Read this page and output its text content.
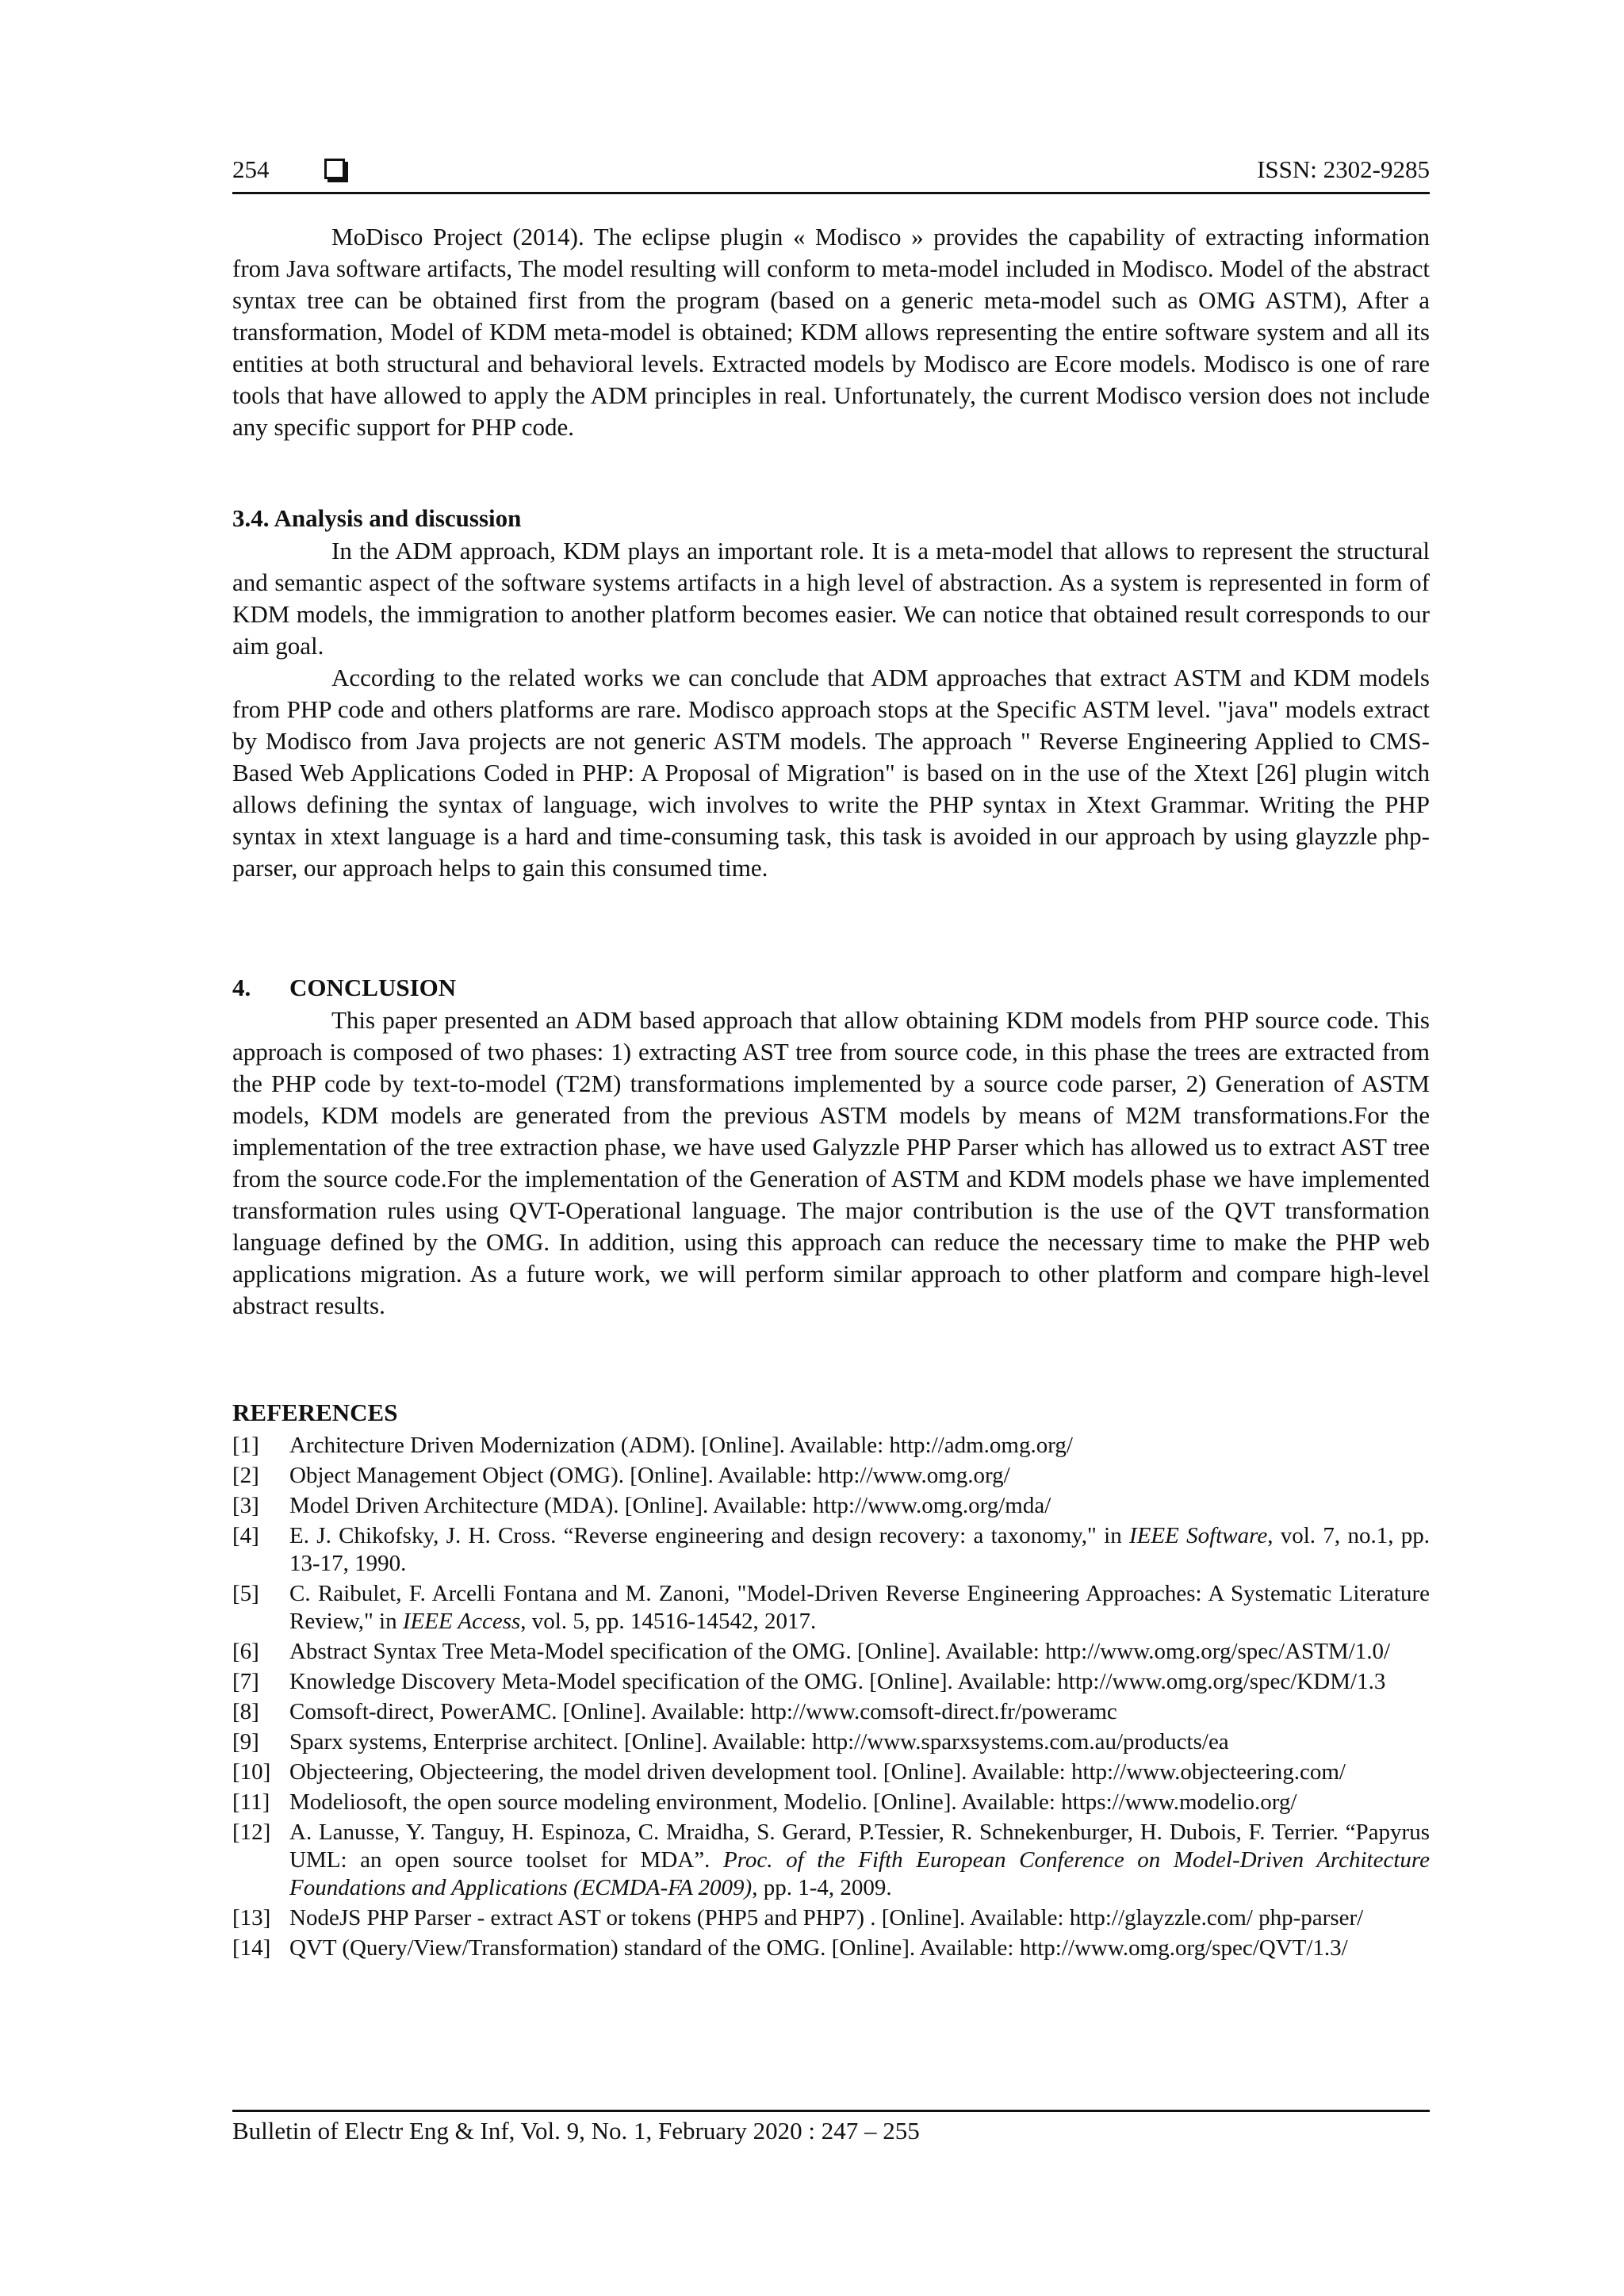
254	ISSN: 2302-9285

MoDisco Project (2014). The eclipse plugin « Modisco » provides the capability of extracting information from Java software artifacts, The model resulting will conform to meta-model included in Modisco. Model of the abstract syntax tree can be obtained first from the program (based on a generic meta-model such as OMG ASTM), After a transformation, Model of KDM meta-model is obtained; KDM allows representing the entire software system and all its entities at both structural and behavioral levels. Extracted models by Modisco are Ecore models. Modisco is one of rare tools that have allowed to apply the ADM principles in real. Unfortunately, the current Modisco version does not include any specific support for PHP code.

3.4. Analysis and discussion

In the ADM approach, KDM plays an important role. It is a meta-model that allows to represent the structural and semantic aspect of the software systems artifacts in a high level of abstraction. As a system is represented in form of KDM models, the immigration to another platform becomes easier. We can notice that obtained result corresponds to our aim goal.

According to the related works we can conclude that ADM approaches that extract ASTM and KDM models from PHP code and others platforms are rare. Modisco approach stops at the Specific ASTM level. "java" models extract by Modisco from Java projects are not generic ASTM models. The approach " Reverse Engineering Applied to CMS-Based Web Applications Coded in PHP: A Proposal of Migration" is based on in the use of the Xtext [26] plugin witch allows defining the syntax of language, wich involves to write the PHP syntax in Xtext Grammar. Writing the PHP syntax in xtext language is a hard and time-consuming task, this task is avoided in our approach by using glayzzle php-parser, our approach helps to gain this consumed time.

4. CONCLUSION

This paper presented an ADM based approach that allow obtaining KDM models from PHP source code. This approach is composed of two phases: 1) extracting AST tree from source code, in this phase the trees are extracted from the PHP code by text-to-model (T2M) transformations implemented by a source code parser, 2) Generation of ASTM models, KDM models are generated from the previous ASTM models by means of M2M transformations.For the implementation of the tree extraction phase, we have used Galyzzle PHP Parser which has allowed us to extract AST tree from the source code.For the implementation of the Generation of ASTM and KDM models phase we have implemented transformation rules using QVT-Operational language. The major contribution is the use of the QVT transformation language defined by the OMG. In addition, using this approach can reduce the necessary time to make the PHP web applications migration. As a future work, we will perform similar approach to other platform and compare high-level abstract results.

REFERENCES
[1] Architecture Driven Modernization (ADM). [Online]. Available: http://adm.omg.org/
[2] Object Management Object (OMG). [Online]. Available: http://www.omg.org/
[3] Model Driven Architecture (MDA). [Online]. Available: http://www.omg.org/mda/
[4] E. J. Chikofsky, J. H. Cross. “Reverse engineering and design recovery: a taxonomy," in IEEE Software, vol. 7, no.1, pp. 13-17, 1990.
[5] C. Raibulet, F. Arcelli Fontana and M. Zanoni, "Model-Driven Reverse Engineering Approaches: A Systematic Literature Review," in IEEE Access, vol. 5, pp. 14516-14542, 2017.
[6] Abstract Syntax Tree Meta-Model specification of the OMG. [Online]. Available: http://www.omg.org/spec/ASTM/1.0/
[7] Knowledge Discovery Meta-Model specification of the OMG. [Online]. Available: http://www.omg.org/spec/KDM/1.3
[8] Comsoft-direct, PowerAMC. [Online]. Available: http://www.comsoft-direct.fr/poweramc
[9] Sparx systems, Enterprise architect. [Online]. Available: http://www.sparxsystems.com.au/products/ea
[10] Objecteering, Objecteering, the model driven development tool. [Online]. Available: http://www.objecteering.com/
[11] Modeliosoft, the open source modeling environment, Modelio. [Online]. Available: https://www.modelio.org/
[12] A. Lanusse, Y. Tanguy, H. Espinoza, C. Mraidha, S. Gerard, P.Tessier, R. Schnekenburger, H. Dubois, F. Terrier. “Papyrus UML: an open source toolset for MDA”. Proc. of the Fifth European Conference on Model-Driven Architecture Foundations and Applications (ECMDA-FA 2009), pp. 1-4, 2009.
[13] NodeJS PHP Parser - extract AST or tokens (PHP5 and PHP7) . [Online]. Available: http://glayzzle.com/ php-parser/
[14] QVT (Query/View/Transformation) standard of the OMG. [Online]. Available: http://www.omg.org/spec/QVT/1.3/
Bulletin of Electr Eng & Inf, Vol. 9, No. 1, February 2020 : 247 – 255
